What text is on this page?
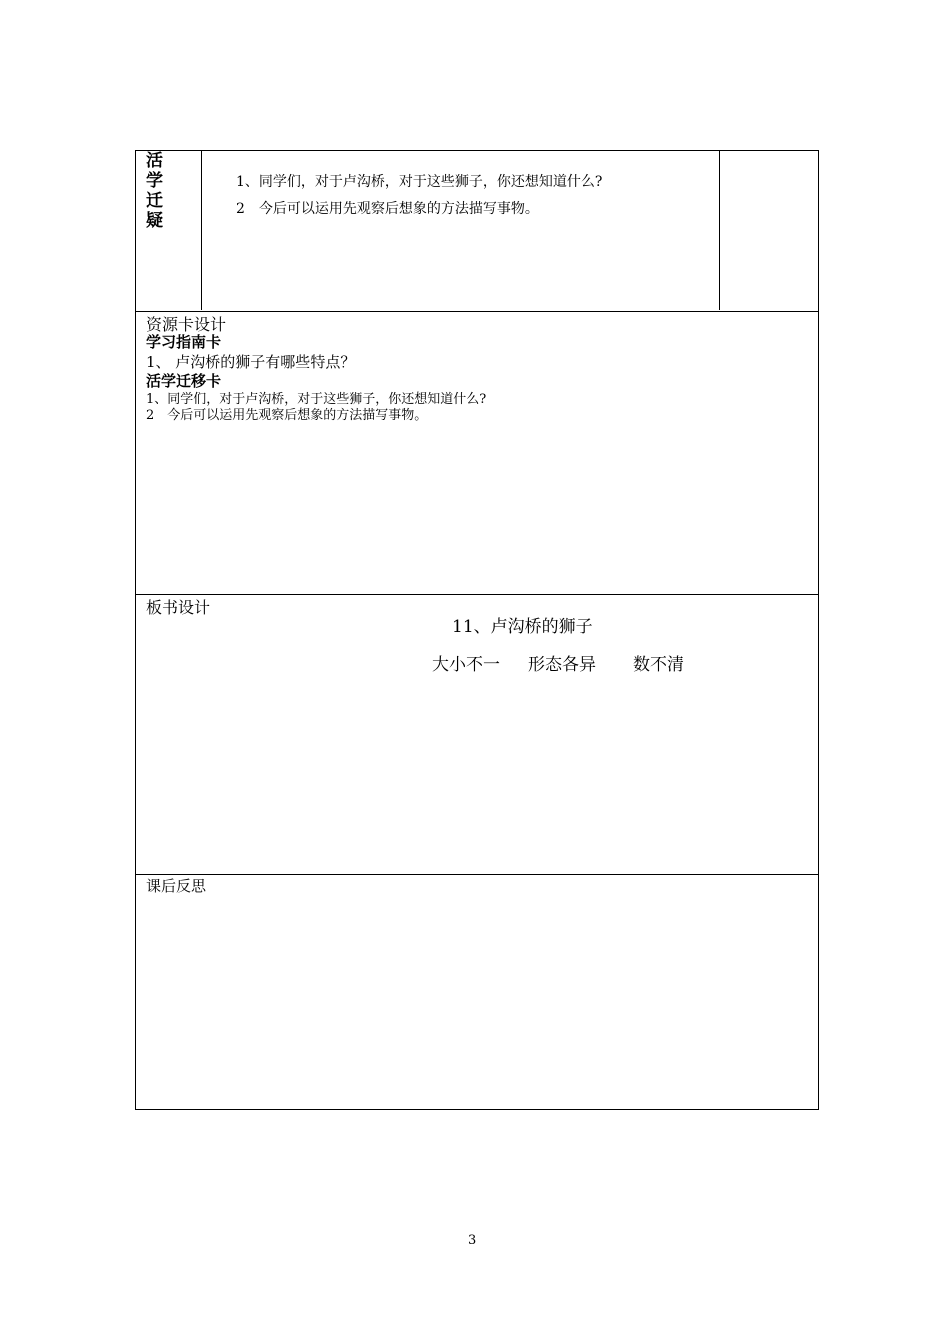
活
学
迁
疑
1、同学们，对于卢沟桥，对于这些狮子，你还想知道什么?
2　今后可以运用先观察后想象的方法描写事物。
资源卡设计
学习指南卡
1、 卢沟桥的狮子有哪些特点？
活学迁移卡
1、同学们，对于卢沟桥，对于这些狮子，你还想知道什么?
2　今后可以运用先观察后想象的方法描写事物。
板书设计
11、卢沟桥的狮子
大小不一 形态各异 数不清
课后反思
3
